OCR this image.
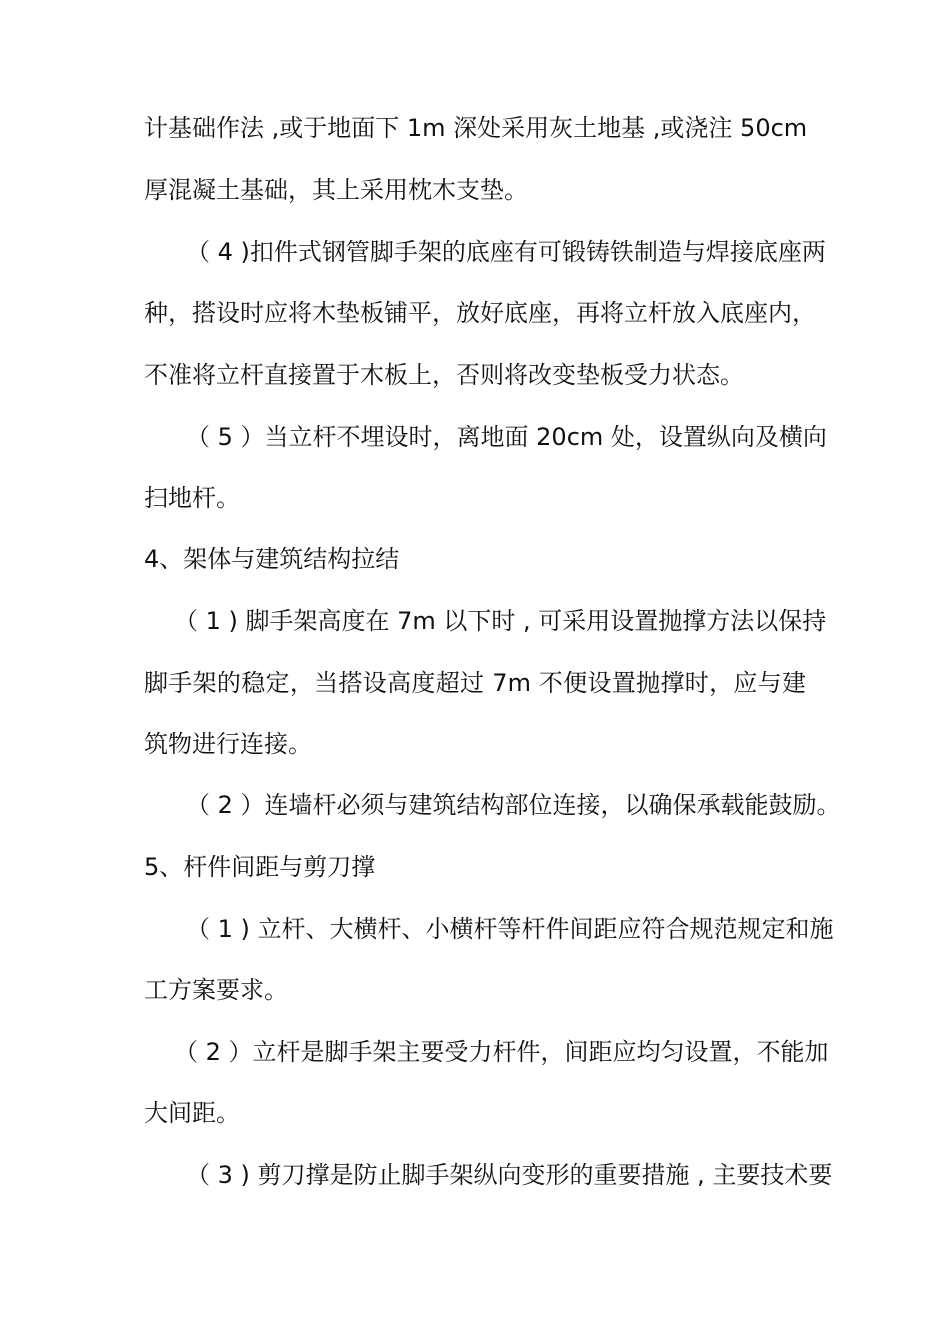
计基础作法 ,或于地面下 1m 深处采用灰土地基 ,或浇注 50cm
厚混凝土基础，其上采用枕木支垫。
（ 4 )扣件式钢管脚手架的底座有可锻铸铁制造与焊接底座两
种，搭设时应将木垫板铺平，放好底座，再将立杆放入底座内，
不准将立杆直接置于木板上，否则将改变垫板受力状态。
（ 5 ）当立杆不埋设时，离地面 20cm 处，设置纵向及横向
扫地杆。
4、架体与建筑结构拉结
（ 1 ) 脚手架高度在 7m 以下时 , 可采用设置抛撑方法以保持
脚手架的稳定，当搭设高度超过 7m 不便设置抛撑时，应与建
筑物进行连接。
（ 2 ）连墙杆必须与建筑结构部位连接，以确保承载能鼓励。
5、杆件间距与剪刀撑
（ 1 ) 立杆、大横杆、小横杆等杆件间距应符合规范规定和施
工方案要求。
（ 2 ）立杆是脚手架主要受力杆件，间距应均匀设置，不能加
大间距。
（ 3 ) 剪刀撑是防止脚手架纵向变形的重要措施 , 主要技术要
